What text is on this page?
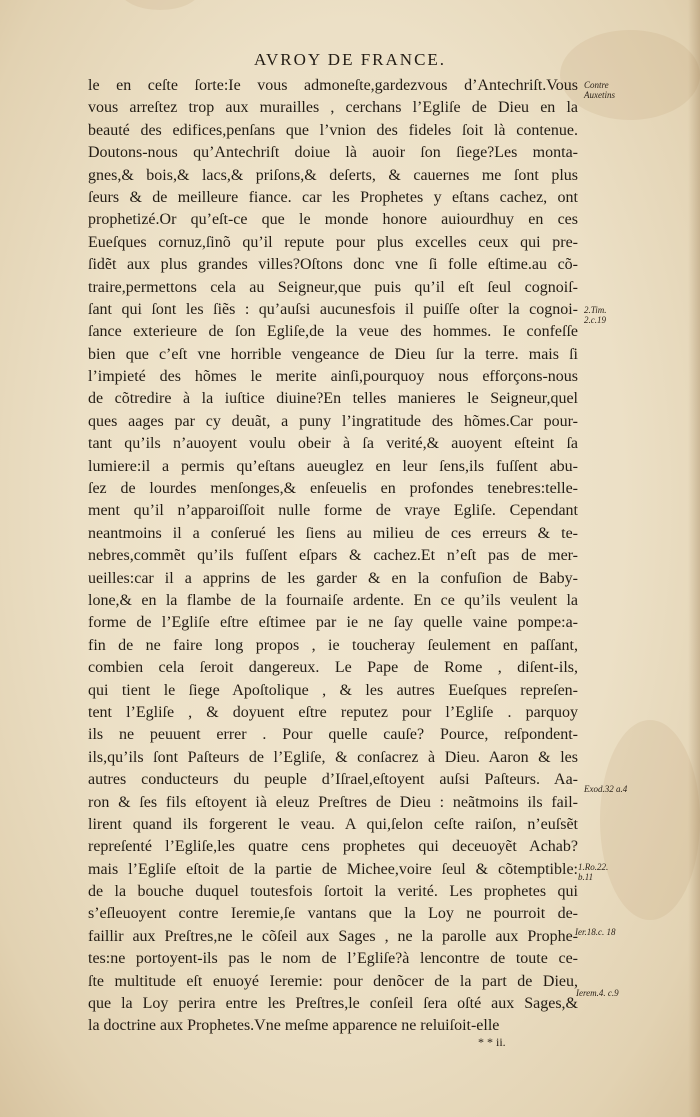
AVROY DE FRANCE.
le en ceſte ſorte:Ie vous admoneſte,gardezvous d’Antechriſt.Vous
vous arreſtez trop aux murailles , cerchans l’Egliſe de Dieu en la
beauté des edifices,penſans que l’vnion des fideles ſoit là contenue.
Doutons-nous qu’Antechriſt doiue là auoir ſon ſiege?Les monta-
gnes,& bois,& lacs,& priſons,& deſerts, & cauernes me ſont plus
ſeurs & de meilleure fiance. car les Prophetes y eſtans cachez, ont
prophetizé.Or qu’eſt-ce que le monde honore auiourdhuy en ces
Eueſques cornuz,ſinõ qu’il repute pour plus excelles ceux qui pre-
ſidẽt aux plus grandes villes?Oſtons donc vne ſi folle eſtime.au cõ-
traire,permettons cela au Seigneur,que puis qu’il eſt ſeul cognoiſ-
ſant qui ſont les ſiẽs : qu’auſsi aucunesfois il puiſſe oſter la cognoi-
ſance exterieure de ſon Egliſe,de la veue des hommes. Ie confeſſe
bien que c’eſt vne horrible vengeance de Dieu ſur la terre. mais ſi
l’impieté des hõmes le merite ainſi,pourquoy nous efforçons-nous
de cõtredire à la iuſtice diuine?En telles manieres le Seigneur,quel
ques aages par cy deuãt, a puny l’ingratitude des hõmes.Car pour-
tant qu’ils n’auoyent voulu obeir à ſa verité,& auoyent eſteint ſa
lumiere:il a permis qu’eſtans aueuglez en leur ſens,ils fuſſent abu-
ſez de lourdes menſonges,& enſeuelis en profondes tenebres:telle-
ment qu’il n’apparoiſſoit nulle forme de vraye Egliſe. Cependant
neantmoins il a conſerué les ſiens au milieu de ces erreurs & te-
nebres,commẽt qu’ils fuſſent eſpars & cachez.Et n’eſt pas de mer-
ueilles:car il a apprins de les garder & en la confuſion de Baby-
lone,& en la flambe de la fournaiſe ardente. En ce qu’ils veulent la
forme de l’Egliſe eſtre eſtimee par ie ne ſay quelle vaine pompe:a-
fin de ne faire long propos , ie toucheray ſeulement en paſſant,
combien cela ſeroit dangereux. Le Pape de Rome , diſent-ils,
qui tient le ſiege Apoſtolique , & les autres Eueſques repreſen-
tent l’Egliſe , & doyuent eſtre reputez pour l’Egliſe . parquoy
ils ne peuuent errer . Pour quelle cauſe? Pource, reſpondent-
ils,qu’ils ſont Paſteurs de l’Egliſe, & conſacrez à Dieu. Aaron & les
autres conducteurs du peuple d’Iſrael,eſtoyent auſsi Paſteurs. Aa-
ron & ſes fils eſtoyent ià eleuz Preſtres de Dieu : neãtmoins ils fail-
lirent quand ils forgerent le veau. A qui,ſelon ceſte raiſon, n’euſsẽt
repreſenté l’Egliſe,les quatre cens prophetes qui deceuoyẽt Achab?
mais l’Egliſe eſtoit de la partie de Michee,voire ſeul & cõtemptible:
de la bouche duquel toutesfois ſortoit la verité. Les prophetes qui
s’eſleuoyent contre Ieremie,ſe vantans que la Loy ne pourroit de-
faillir aux Preſtres,ne le cõſeil aux Sages , ne la parolle aux Prophe-
tes:ne portoyent-ils pas le nom de l’Egliſe?à lencontre de toute ce-
ſte multitude eſt enuoyé Ieremie: pour denõcer de la part de Dieu,
que la Loy perira entre les Preſtres,le conſeil ſera oſté aux Sages,&
la doctrine aux Prophetes.Vne meſme apparence ne reluiſoit-elle
Contre Auxetins
2.Tim. 2.c.19
Exod.32 a.4
1.Ro.22. b.11
Ier.18.c. 18
Ierem.4. c.9
* * ii.
